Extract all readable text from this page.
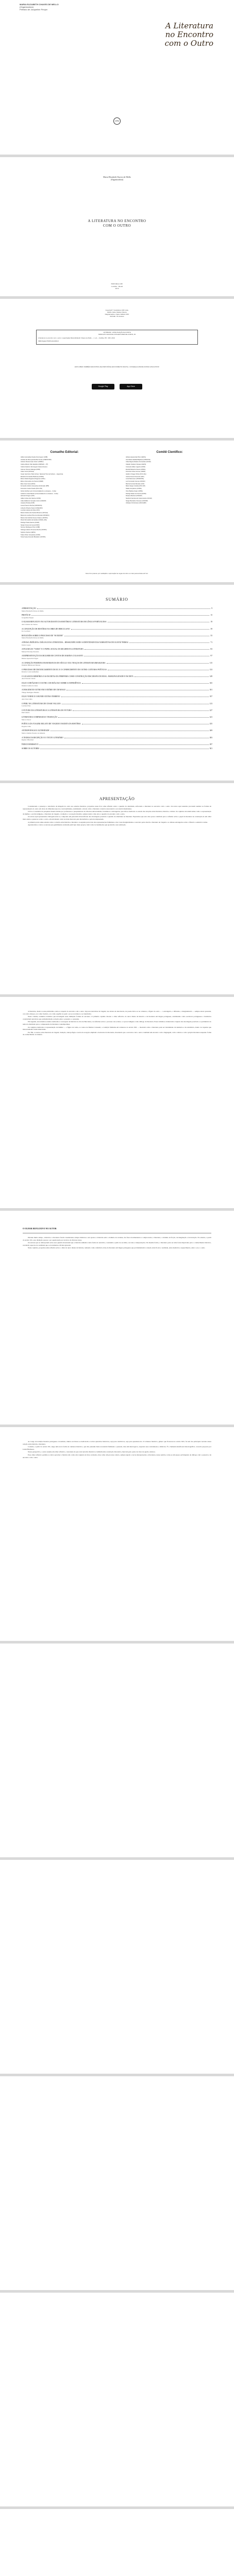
MARIA ELIZABETH CHAVES DE MELLO
(Organizadora)
Prefácio de Jacqueline Penjon
A Literatura
no Encontro
com o Outro
CRV
Maria Elizabeth Chaves de Mello
(Organizadora)
A LITERATURA NO ENCONTRO
COM O OUTRO
EDITORA CRV
Curitiba - Brasil
2019
Copyright © da Editora CRV Ltda.
Editor-chefe: Railson Moura
Diagramação e Capa: Editora CRV
Revisão: Os Autores
CIP-BRASIL. CATALOGAÇÃO-NA-FONTE
SINDICATO NACIONAL DOS EDITORES DE LIVROS, RJ
A literatura no encontro com o outro / organização Maria Elizabeth Chaves de Mello. – 1. ed. – Curitiba, PR : CRV, 2019.
ISBN Digital 978-85-444-0000-0
ESTA OBRA TAMBÉM ENCONTRA-SE DISPONÍVEL EM FORMATO DIGITAL. CONHEÇA E BAIXE NOSSO APLICATIVO!
Google Play	App Store
Conselho Editorial:

Aldira Guimarães Duarte Domínguez (UNB)

Andréia da Silva Quintanilha Sousa (UNIR/UFRN)

Antônio Pereira Gaio Júnior (UFRRJ)

Carlos Alberto Vilar Estêvão (UMINHO – PT)

Carlos Federico Dominguez Avila (Unieuro)

Carmen Tereza Velanga (UNIR)

Celso Conti (UFSCar)

Cesar Gerónimo Tello (Univer. Nacional Três de Febrero – Argentina)

Eduardo Fernandes Barbosa (UFMG)

Elione Maria Nogueira Diogenes (UFAL)

Elizeu Clementino de Souza (UNEB)

Élsio José Corá (UFFS)

Fernando Antônio Gonçalves Alcoforado (IPB)

Francisco Carlos Duarte (PUC-PR)

Gloria Fariñas León (Universidade de La Havana – Cuba)

Guillermo Arias Beatón (Universidade de La Havana – Cuba)

Helmuth Krüger (UCP)

Jailson Alves dos Santos (UFRJ)

João Adalberto Campato Junior (UNESP)

Josania Portela (UFPI)

Leonel Severo Rocha (UNISINOS)

Lídia de Oliveira Xavier (UNIEURO)

Lourdes Helena da Silva (UFV)

Maria Cristina dos Santos Bezerra (UFSCar)

Maria de Lourdes Pinto de Almeida (UNOESC)

Maria Lília Imbiriba Sousa Colares (UFOPA)

Paulo Romualdo Hernandes (UNIFAL-MG)

Rodrigo Pratte-Santos (UFES)

Sérgio Nunes de Jesus (IFRO)

Simone Rodrigues Pinto (UNB)

Solange Helena Ximenes-Rocha (UFOPA)

Sydione Santos (UEPG)

Tadeu Oliver Gonçalves (UFPA)

Tania Suely Azevedo Brasileiro (UFOPA)

Comitê Científico:

Adriana Aparecida Pinto (UEPG)

Ana Maria Haddad Baptista (UNINOVE)

Célia Regina Delácio Fernandes (UFGD)

Cláudio Cledson Novaes (UEFS)

Consuelo Alfaro Lagorio (UFRJ)

Eneida Maria de Souza (UFMG)

Francisco Alves Gomes (UFRN)

Heidrun Krieger Olinto (PUC-Rio)

Josina Nunes Drumond (UFF)

Lúcia Marcusso (UNIOESTE)

Luiz Fernando Gomes (UNISO)

Márcia Ferreira Mendes (UFF)

Mário Sérgio Cortella (PUC-SP)

Nádia Gonçalves (UFMG)

Oton Batista Araújo (UFPE)

Rodrigo Matos de Souza (UFRN)

Rosana Mazzari (UNIVAP)

Sandra Francisca de Vasconcelos (UFGD)

Sérgio Barcellos Ximenes (UNIVAP)

Ubiratan D'Ambrosio (UNICAMP)

Este livro passou por avaliação e aprovação às cegas de dois ou mais pareceristas ad hoc.
SUMÁRIO
APRESENTAÇÃO	9
Maria Elizabeth Chaves de Mello
PREFÁCIO	15
Jacqueline Penjon
O OLHAR REFLEXIVO NO AUTOR DIANTE DA HISTÓRIA E LITERATURA EM LÍNGUA PORTUGUESA	19
Ana Cristina dos Santos
A CONCEPÇÃO DE HISTÓRIA NA OBRA DE HERCULANO	39
Ivo Lucchesi
REFLEXÕES SOBRE O PROCESSO DE "SE DIZER"	55
Maria Elizabeth Chaves de Mello
A PROSA INDÍGENA: DIÁLOGO DA LITERATURA – RESSIGNIFICANDO A IDENTIDADE DAS NARRATIVAS DE GUAYAÍ TRIBAS	71
Jéssica Lopes
A FIGURA DA "VADIA" E O PAPEL SOCIAL DA MULHER NA LITERATURA	83
Manoel Dvorsky Dourado
A REPRESENTAÇÃO DA MULHER EM CONTOS DE MARINA COLASANTI	97
Renata Aparecida Frigeri
A CONDIÇÃO FEMININA EM ROMANCES DO SÉCULO XXI: TRAÇOS DE LITERATURA BRASILEIRA	115
Danielle Bittencourt Moraes
O PROCESSO DE DISTANCIAMENTO DO EU E O CONHECIMENTO DO OUTRO: LEITURAS POÉTICAS	133
Roberto Costa Guimarães
O LUGAR DA MEMÓRIA E AS ESCRITAS DA PERIFERIA COMO CONSTRUÇÃO DISCURSIVA DO REAL: MARGINALIDADE E ESCRITA	149
Alex Ferreira Cabral
JULIO CORTÁZAR E O OUTRO: UM DIÁLOGO SOBRE A EXPERIÊNCIA	165
Daniela Gomes de Jesus
A IMAGEM DO OUTRO EM O DIÁRIO DE UM MAGO	181
Thiago Rodrigues Mendes
JULIO VERNE E O MUNDO EXTRA-TERRENO	197
Ana Clara Lima
O PERU NA LITERATURA DE CESAR VALLEJO	213
Luciana Pires
O FUTURO DA LITERATURA E A LITERATURA DO FUTURO	227
Raul Antelo
LITERATURA COMPARADA E TRADUÇÃO	241
Marcos Siscar
POÉTICA DA VIAGEM: RELATO DE VIAGEM E ESCRITA DA HISTÓRIA	255
Rogério Lima
ANTROPOFAGIA E ALTERIDADE	269
Maria Cândida Ferreira de Almeida
A TEORIA DA RECEPÇÃO E O TEXTO LITERÁRIO	283
Regina Zilberman
ÍNDICE REMISSIVO	297
SOBRE OS AUTORES	301
APRESENTAÇÃO

Considerando a presença e relevância da imagem do outro nos estudos literários, propomos neste livro uma reflexão sobre a questão da alteridade, enfocando a literatura no encontro com o outro. Os textos aqui reunidos procuram analisar as formas de representação do outro em obras de diferentes épocas e nacionalidades, examinando o modo como a literatura constrói, desconstrói e reconstrói identidades.

O livro é resultado de pesquisas desenvolvidas por professores e pesquisadores de diversas universidades, brasileiras e estrangeiras, que têm se dedicado ao estudo das relações entre literatura, história e cultura. Os capítulos abordam temas como a representação da mulher, a escrita indígena, a literatura de viagem, a tradução e a recepção literária, sempre tendo como eixo a questão do encontro com o outro.

Os textos aqui apresentados dialogam entre si, compondo um panorama diversificado das abordagens possíveis à questão da alteridade na literatura. Esperamos que esta obra possa contribuir para a reflexão sobre o papel da literatura na construção de um olhar mais atento e generoso sobre o outro, em um mundo cada vez mais marcado pela intolerância e pela incompreensão.

A primeira parte reúne estudos sobre a relação entre história e literatura. A segunda parte trata das representações femininas e das vozes marginalizadas. A terceira parte aborda a literatura de viagem e os olhares estrangeiros sobre o Brasil e a América Latina.

Agradecemos a todos os autores que gentilmente aceitaram participar deste projeto, bem como às instituições que apoiaram a sua realização.

A literatura, desde os seus primórdios, tem se ocupado do encontro com o outro. Seja nas narrativas de viagem, nos relatos de descoberta, na poesia lírica ou no romance, a figura do outro — o estrangeiro, o diferente, o marginalizado — sempre esteve presente, ora como ameaça, ora como fascínio, ora como espelho no qual o eu se reconhece e se transforma.

Neste volume, reunimos trabalhos que investigam essas múltiplas formas de encontro. O primeiro capítulo discute o olhar reflexivo do autor diante da história e da literatura em língua portuguesa, examinando como escritores portugueses e brasileiros construíram narrativas que problematizam a relação entre o passado e o presente.

Em seguida, encontramos estudos dedicados à concepção de história na obra de Herculano, às reflexões sobre o processo de se dizer, e à prosa indígena como diálogo da literatura. Esses trabalhos evidenciam a riqueza das abordagens possíveis e a pertinência do tema da alteridade para a compreensão da literatura contemporânea.

Os capítulos dedicados à representação da mulher — a figura da vadia, os contos de Marina Colasanti, a condição feminina em romances do século XXI — mostram como a literatura pode ser instrumento de denúncia e de resistência, dando voz àquelas que historicamente foram silenciadas.

Por fim, os textos sobre literatura de viagem, tradução, antropofagia e teoria da recepção ampliam o horizonte da discussão, mostrando que o encontro com o outro é também um encontro com a linguagem, com a cultura e com a própria literatura enquanto forma de conhecimento do mundo.

O OLHAR REFLEXIVO NO AUTOR

Durante muito tempo, a história e a literatura foram consideradas campos distintos e até opostos. A história seria o domínio da verdade, dos fatos documentados e comprovados; a literatura, o domínio da ficção, da imaginação e da invenção. No entanto, a partir do século XX, essa distinção passou a ser questionada por teóricos de diversas áreas.

Os autores que se debruçaram sobre essa questão mostraram que a história também é uma forma de narrativa, construída a partir de escolhas, recortes e interpretações. Da mesma forma, a literatura pode ser uma fonte importante para o conhecimento histórico, revelando aspectos da realidade que os documentos oficiais ignoram.

Neste capítulo, propomos uma reflexão sobre o olhar do autor diante da história, tomando como referência obras da literatura em língua portuguesa que problematizam a relação entre ficção e realidade, entre memória e esquecimento, entre o eu e o outro.

Ao longo da tradição literária portuguesa e brasileira, muitos escritores se dedicaram a recriar episódios históricos, seja para celebrá-los, seja para questioná-los. O romance histórico, gênero que floresceu no século XIX, foi um dos principais veículos dessa relação entre história e literatura.

Contudo, a partir do século XX, surge uma nova forma de romance histórico, que não pretende mais reconstruir fielmente o passado, mas sim interrogá-lo, expondo suas contradições e silêncios. É a chamada metaficção historiográfica, conceito proposto por Linda Hutcheon.

Nessa perspectiva, o autor assume um olhar reflexivo, consciente de que toda narrativa histórica é também uma construção discursiva, marcada pelo ponto de vista de quem a elabora.

Esse olhar reflexivo permite ao leitor perceber a história não como um conjunto de fatos acabados, mas como um processo aberto, sempre sujeito a novas interpretações. A literatura, nesse sentido, torna-se um espaço privilegiado de diálogo com o passado e de encontro com o outro.
